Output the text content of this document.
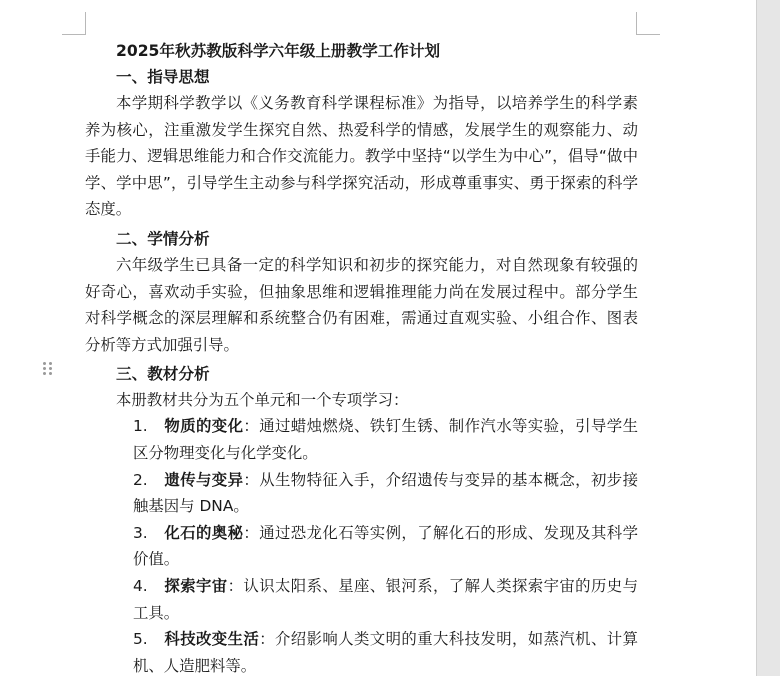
2025年秋苏教版科学六年级上册教学工作计划
一、指导思想

本学期科学教学以《义务教育科学课程标准》为指导，以培养学生的科学素养为核心，注重激发学生探究自然、热爱科学的情感，发展学生的观察能力、动手能力、逻辑思维能力和合作交流能力。教学中坚持“以学生为中心”，倡导“做中学、学中思”，引导学生主动参与科学探究活动，形成尊重事实、勇于探索的科学态度。

二、学情分析

六年级学生已具备一定的科学知识和初步的探究能力，对自然现象有较强的好奇心，喜欢动手实验，但抽象思维和逻辑推理能力尚在发展过程中。部分学生对科学概念的深层理解和系统整合仍有困难，需通过直观实验、小组合作、图表分析等方式加强引导。

三、教材分析

本册教材共分为五个单元和一个专项学习：

1. 物质的变化：通过蜡烛燃烧、铁钉生锈、制作汽水等实验，引导学生区分物理变化与化学变化。
2. 遗传与变异：从生物特征入手，介绍遗传与变异的基本概念，初步接触基因与 DNA。
3. 化石的奥秘：通过恐龙化石等实例，了解化石的形成、发现及其科学价值。
4. 探索宇宙：认识太阳系、星座、银河系，了解人类探索宇宙的历史与工具。
5. 科技改变生活：介绍影响人类文明的重大科技发明，如蒸汽机、计算机、人造肥料等。
